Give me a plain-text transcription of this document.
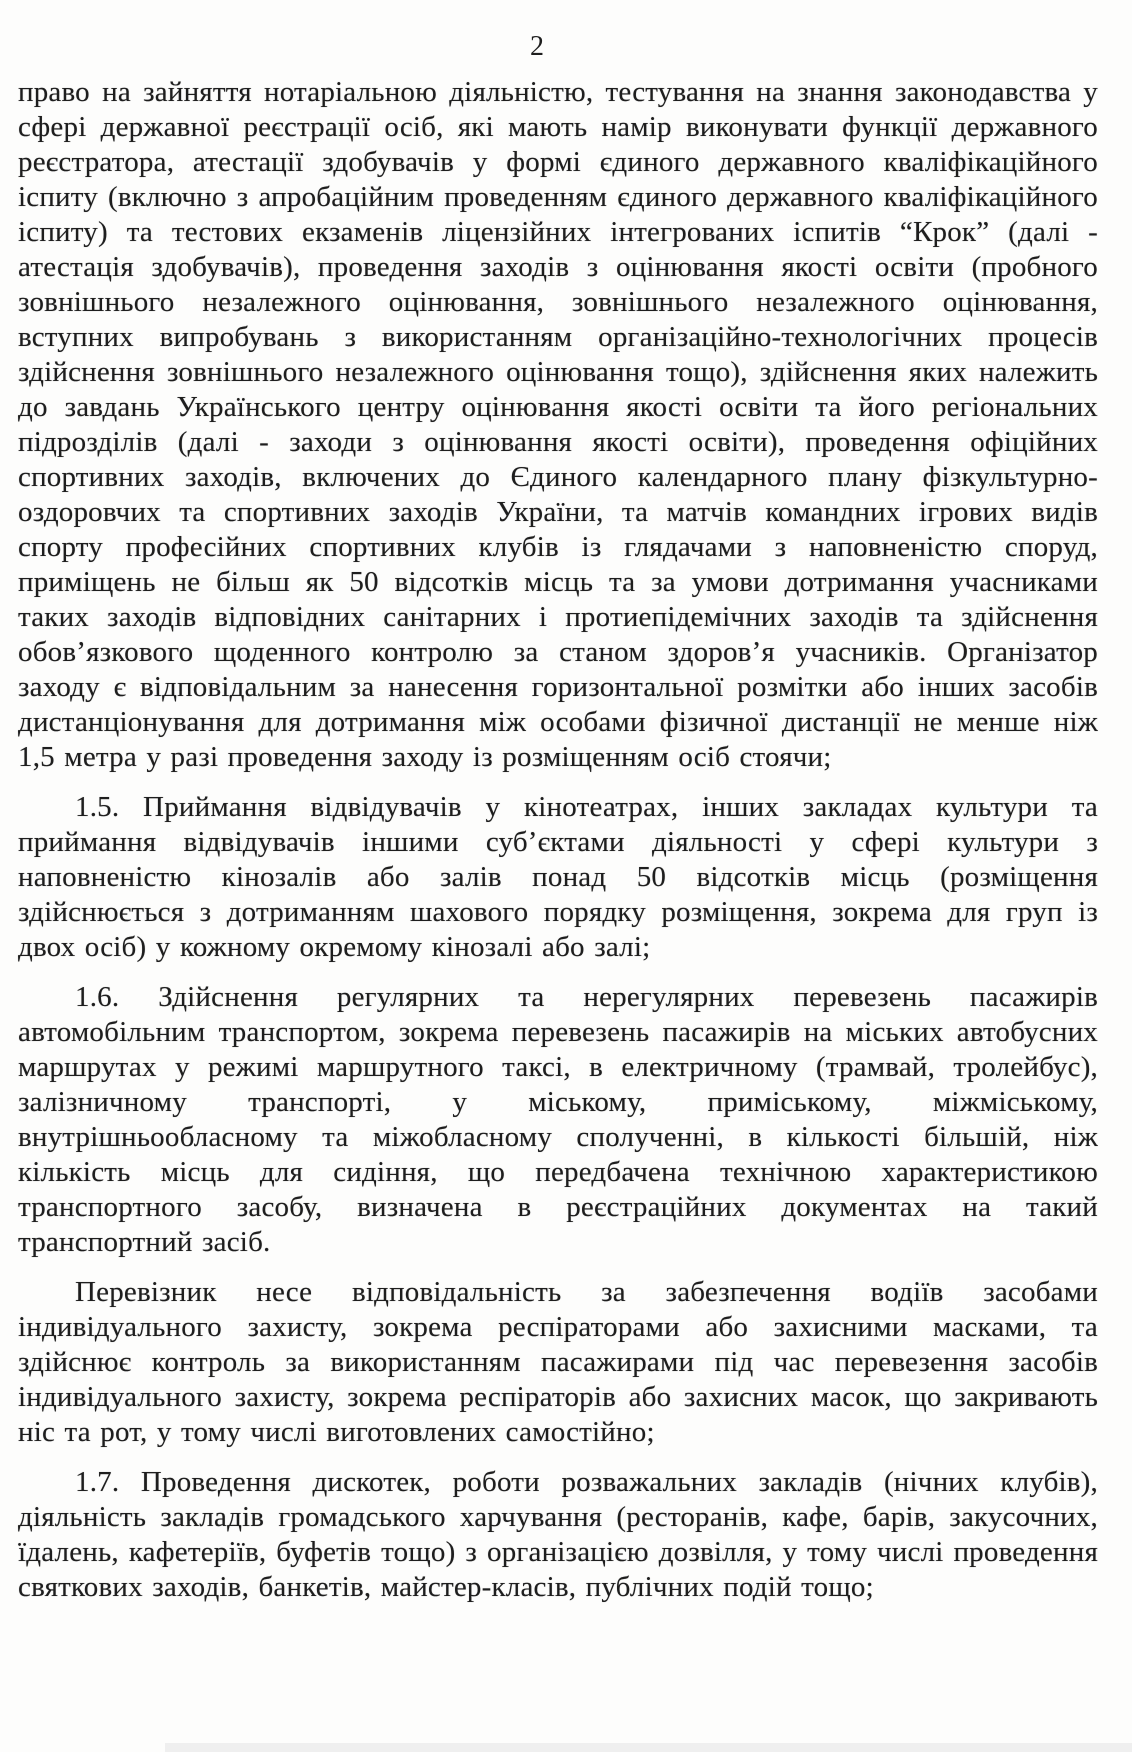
2

право на зайняття нотаріальною діяльністю, тестування на знання законодавства у сфері державної реєстрації осіб, які мають намір виконувати функції державного реєстратора, атестації здобувачів у формі єдиного державного кваліфікаційного іспиту (включно з апробаційним проведенням єдиного державного кваліфікаційного іспиту) та тестових екзаменів ліцензійних інтегрованих іспитів “Крок” (далі - атестація здобувачів), проведення заходів з оцінювання якості освіти (пробного зовнішнього незалежного оцінювання, зовнішнього незалежного оцінювання, вступних випробувань з використанням організаційно-технологічних процесів здійснення зовнішнього незалежного оцінювання тощо), здійснення яких належить до завдань Українського центру оцінювання якості освіти та його регіональних підрозділів (далі - заходи з оцінювання якості освіти), проведення офіційних спортивних заходів, включених до Єдиного календарного плану фізкультурно-оздоровчих та спортивних заходів України, та матчів командних ігрових видів спорту професійних спортивних клубів із глядачами з наповненістю споруд, приміщень не більш як 50 відсотків місць та за умови дотримання учасниками таких заходів відповідних санітарних і протиепідемічних заходів та здійснення обов’язкового щоденного контролю за станом здоров’я учасників. Організатор заходу є відповідальним за нанесення горизонтальної розмітки або інших засобів дистанціонування для дотримання між особами фізичної дистанції не менше ніж 1,5 метра у разі проведення заходу із розміщенням осіб стоячи;

1.5. Приймання відвідувачів у кінотеатрах, інших закладах культури та приймання відвідувачів іншими суб’єктами діяльності у сфері культури з наповненістю кінозалів або залів понад 50 відсотків місць (розміщення здійснюється з дотриманням шахового порядку розміщення, зокрема для груп із двох осіб) у кожному окремому кінозалі або залі;

1.6. Здійснення регулярних та нерегулярних перевезень пасажирів автомобільним транспортом, зокрема перевезень пасажирів на міських автобусних маршрутах у режимі маршрутного таксі, в електричному (трамвай, тролейбус), залізничному транспорті, у міському, приміському, міжміському, внутрішньообласному та міжобласному сполученні, в кількості більшій, ніж кількість місць для сидіння, що передбачена технічною характеристикою транспортного засобу, визначена в реєстраційних документах на такий транспортний засіб.

Перевізник несе відповідальність за забезпечення водіїв засобами індивідуального захисту, зокрема респіраторами або захисними масками, та здійснює контроль за використанням пасажирами під час перевезення засобів індивідуального захисту, зокрема респіраторів або захисних масок, що закривають ніс та рот, у тому числі виготовлених самостійно;

1.7. Проведення дискотек, роботи розважальних закладів (нічних клубів), діяльність закладів громадського харчування (ресторанів, кафе, барів, закусочних, їдалень, кафетеріїв, буфетів тощо) з організацією дозвілля, у тому числі проведення святкових заходів, банкетів, майстер-класів, публічних подій тощо;
